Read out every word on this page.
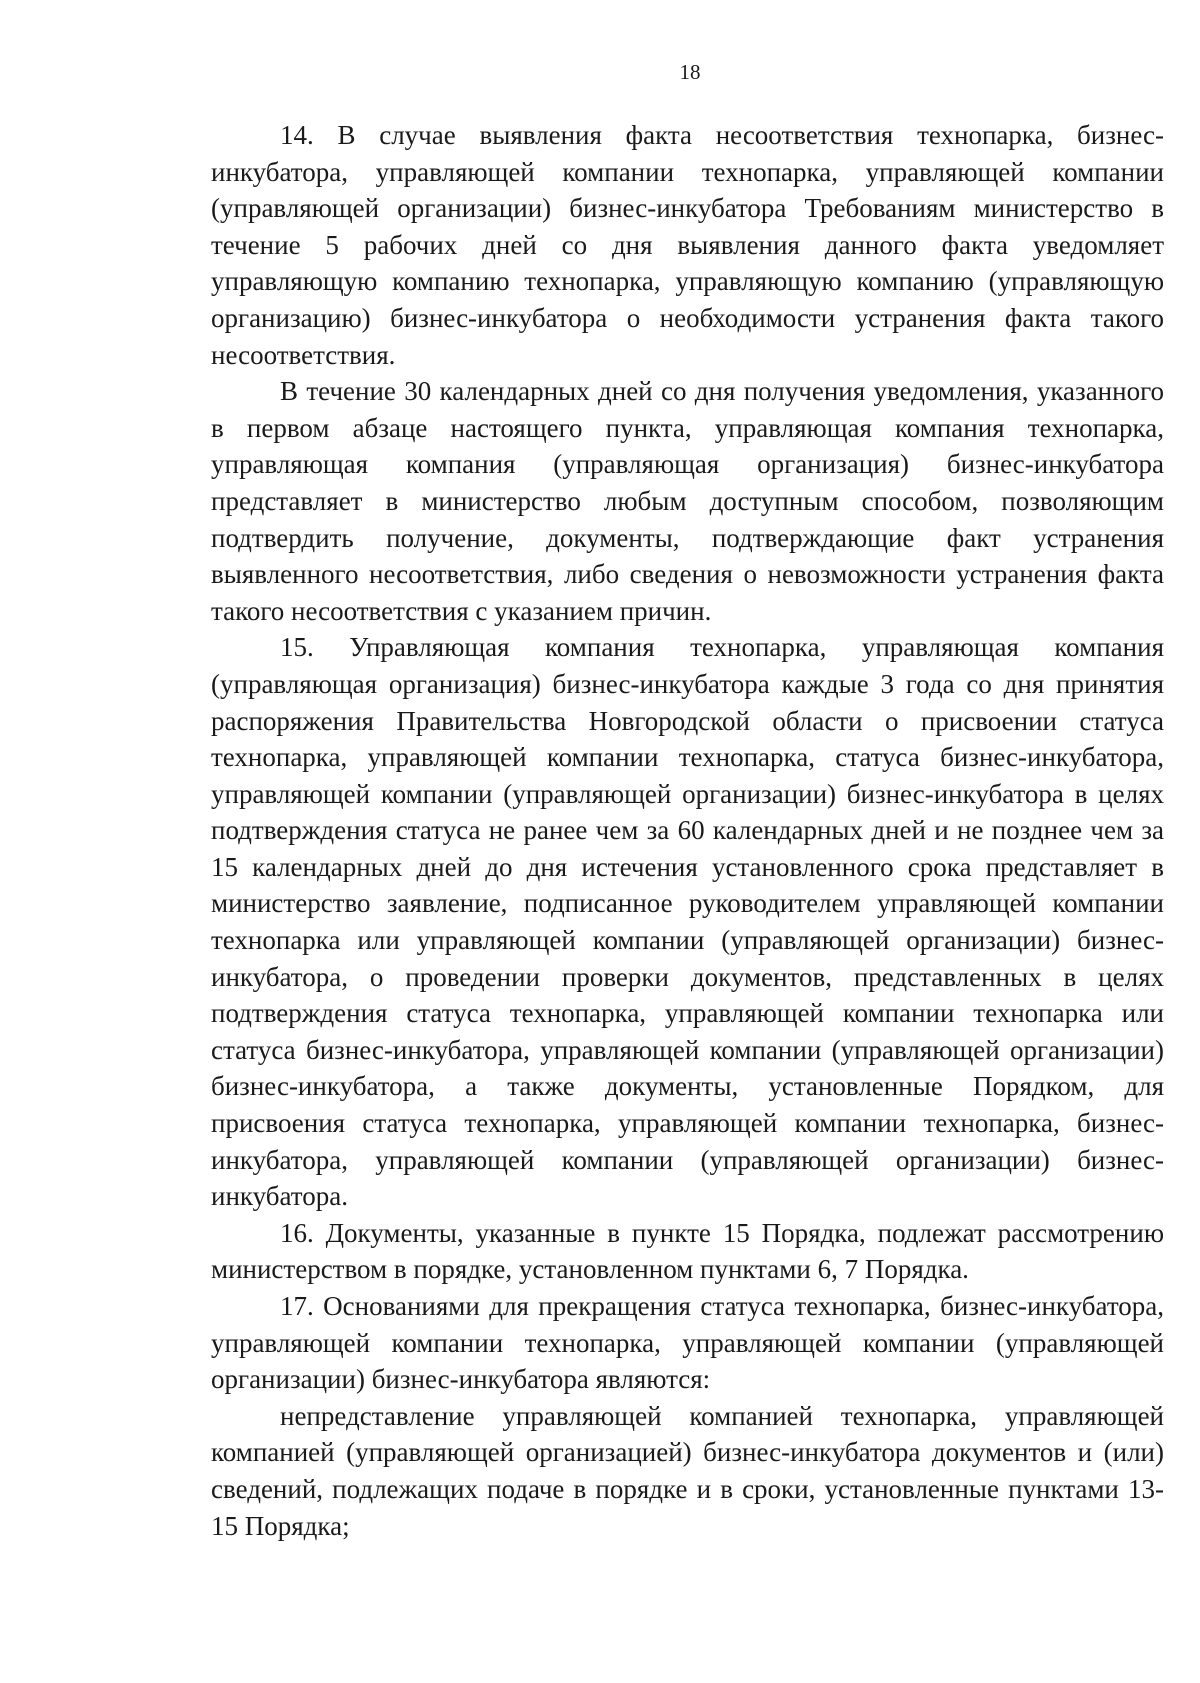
18

14. В случае выявления факта несоответствия технопарка, бизнес-инкубатора, управляющей компании технопарка, управляющей компании (управляющей организации) бизнес-инкубатора Требованиям министерство в течение 5 рабочих дней со дня выявления данного факта уведомляет управляющую компанию технопарка, управляющую компанию (управляющую организацию) бизнес-инкубатора о необходимости устранения факта такого несоответствия.

В течение 30 календарных дней со дня получения уведомления, указанного в первом абзаце настоящего пункта, управляющая компания технопарка, управляющая компания (управляющая организация) бизнес-инкубатора представляет в министерство любым доступным способом, позволяющим подтвердить получение, документы, подтверждающие факт устранения выявленного несоответствия, либо сведения о невозможности устранения факта такого несоответствия с указанием причин.

15. Управляющая компания технопарка, управляющая компания (управляющая организация) бизнес-инкубатора каждые 3 года со дня принятия распоряжения Правительства Новгородской области о присвоении статуса технопарка, управляющей компании технопарка, статуса бизнес-инкубатора, управляющей компании (управляющей организации) бизнес-инкубатора в целях подтверждения статуса не ранее чем за 60 календарных дней и не позднее чем за 15 календарных дней до дня истечения установленного срока представляет в министерство заявление, подписанное руководителем управляющей компании технопарка или управляющей компании (управляющей организации) бизнес-инкубатора, о проведении проверки документов, представленных в целях подтверждения статуса технопарка, управляющей компании технопарка или статуса бизнес-инкубатора, управляющей компании (управляющей организации) бизнес-инкубатора, а также документы, установленные Порядком, для присвоения статуса технопарка, управляющей компании технопарка, бизнес-инкубатора, управляющей компании (управляющей организации) бизнес-инкубатора.

16. Документы, указанные в пункте 15 Порядка, подлежат рассмотрению министерством в порядке, установленном пунктами 6, 7 Порядка.

17. Основаниями для прекращения статуса технопарка, бизнес-инкубатора, управляющей компании технопарка, управляющей компании (управляющей организации) бизнес-инкубатора являются:

непредставление управляющей компанией технопарка, управляющей компанией (управляющей организацией) бизнес-инкубатора документов и (или) сведений, подлежащих подаче в порядке и в сроки, установленные пунктами 13-15 Порядка;
